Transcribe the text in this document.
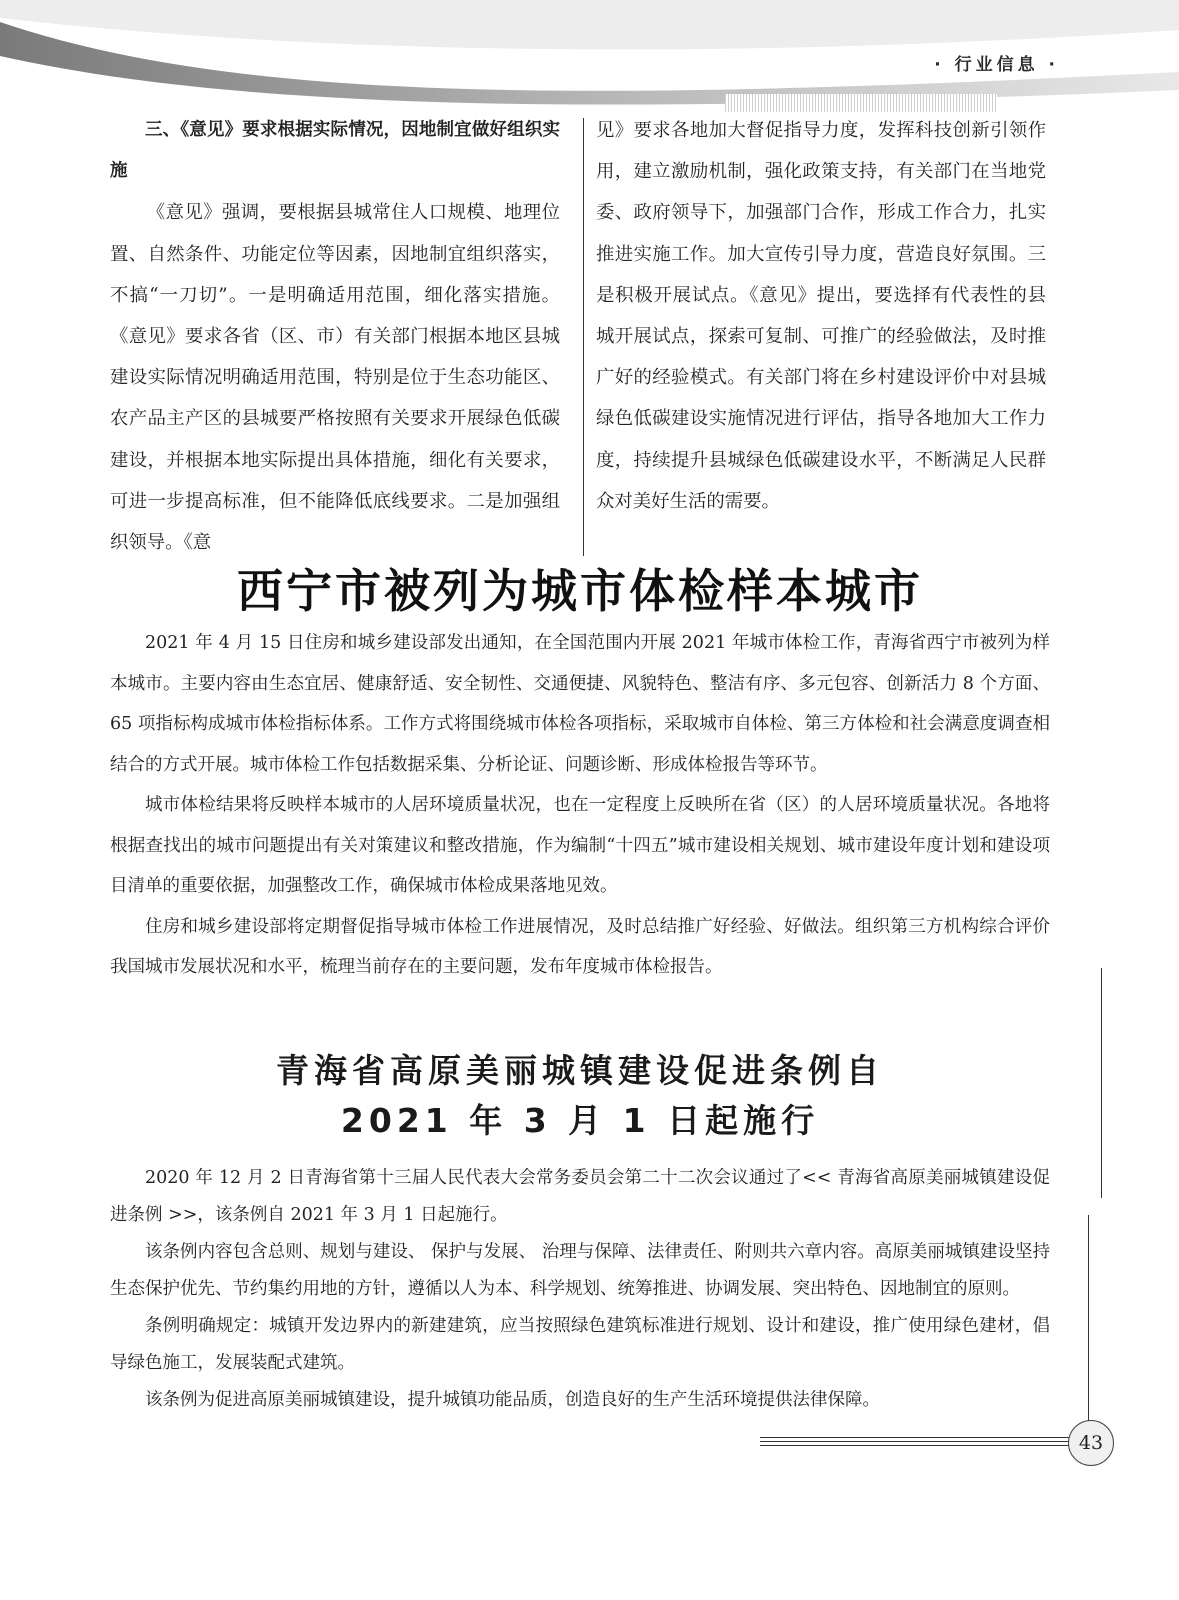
· 行业信息 ·

三、《意见》要求根据实际情况，因地制宜做好组织实施

《意见》强调，要根据县城常住人口规模、地理位置、自然条件、功能定位等因素，因地制宜组织落实，不搞“一刀切”。一是明确适用范围，细化落实措施。《意见》要求各省（区、市）有关部门根据本地区县城建设实际情况明确适用范围，特别是位于生态功能区、农产品主产区的县城要严格按照有关要求开展绿色低碳建设，并根据本地实际提出具体措施，细化有关要求，可进一步提高标准，但不能降低底线要求。二是加强组织领导。《意

见》要求各地加大督促指导力度，发挥科技创新引领作用，建立激励机制，强化政策支持，有关部门在当地党委、政府领导下，加强部门合作，形成工作合力，扎实推进实施工作。加大宣传引导力度，营造良好氛围。三是积极开展试点。《意见》提出，要选择有代表性的县城开展试点，探索可复制、可推广的经验做法，及时推广好的经验模式。有关部门将在乡村建设评价中对县城绿色低碳建设实施情况进行评估，指导各地加大工作力度，持续提升县城绿色低碳建设水平，不断满足人民群众对美好生活的需要。

西宁市被列为城市体检样本城市

2021 年 4 月 15 日住房和城乡建设部发出通知，在全国范围内开展 2021 年城市体检工作，青海省西宁市被列为样本城市。主要内容由生态宜居、健康舒适、安全韧性、交通便捷、风貌特色、整洁有序、多元包容、创新活力 8 个方面、65 项指标构成城市体检指标体系。工作方式将围绕城市体检各项指标，采取城市自体检、第三方体检和社会满意度调查相结合的方式开展。城市体检工作包括数据采集、分析论证、问题诊断、形成体检报告等环节。

城市体检结果将反映样本城市的人居环境质量状况，也在一定程度上反映所在省（区）的人居环境质量状况。各地将根据查找出的城市问题提出有关对策建议和整改措施，作为编制“十四五”城市建设相关规划、城市建设年度计划和建设项目清单的重要依据，加强整改工作，确保城市体检成果落地见效。

住房和城乡建设部将定期督促指导城市体检工作进展情况，及时总结推广好经验、好做法。组织第三方机构综合评价我国城市发展状况和水平，梳理当前存在的主要问题，发布年度城市体检报告。

青海省高原美丽城镇建设促进条例自
2021 年 3 月 1 日起施行

2020 年 12 月 2 日青海省第十三届人民代表大会常务委员会第二十二次会议通过了<< 青海省高原美丽城镇建设促进条例 >>，该条例自 2021 年 3 月 1 日起施行。

该条例内容包含总则、规划与建设、 保护与发展、 治理与保障、法律责任、附则共六章内容。高原美丽城镇建设坚持生态保护优先、节约集约用地的方针，遵循以人为本、科学规划、统筹推进、协调发展、突出特色、因地制宜的原则。

条例明确规定：城镇开发边界内的新建建筑，应当按照绿色建筑标准进行规划、设计和建设，推广使用绿色建材，倡导绿色施工，发展装配式建筑。

该条例为促进高原美丽城镇建设，提升城镇功能品质，创造良好的生产生活环境提供法律保障。

43
